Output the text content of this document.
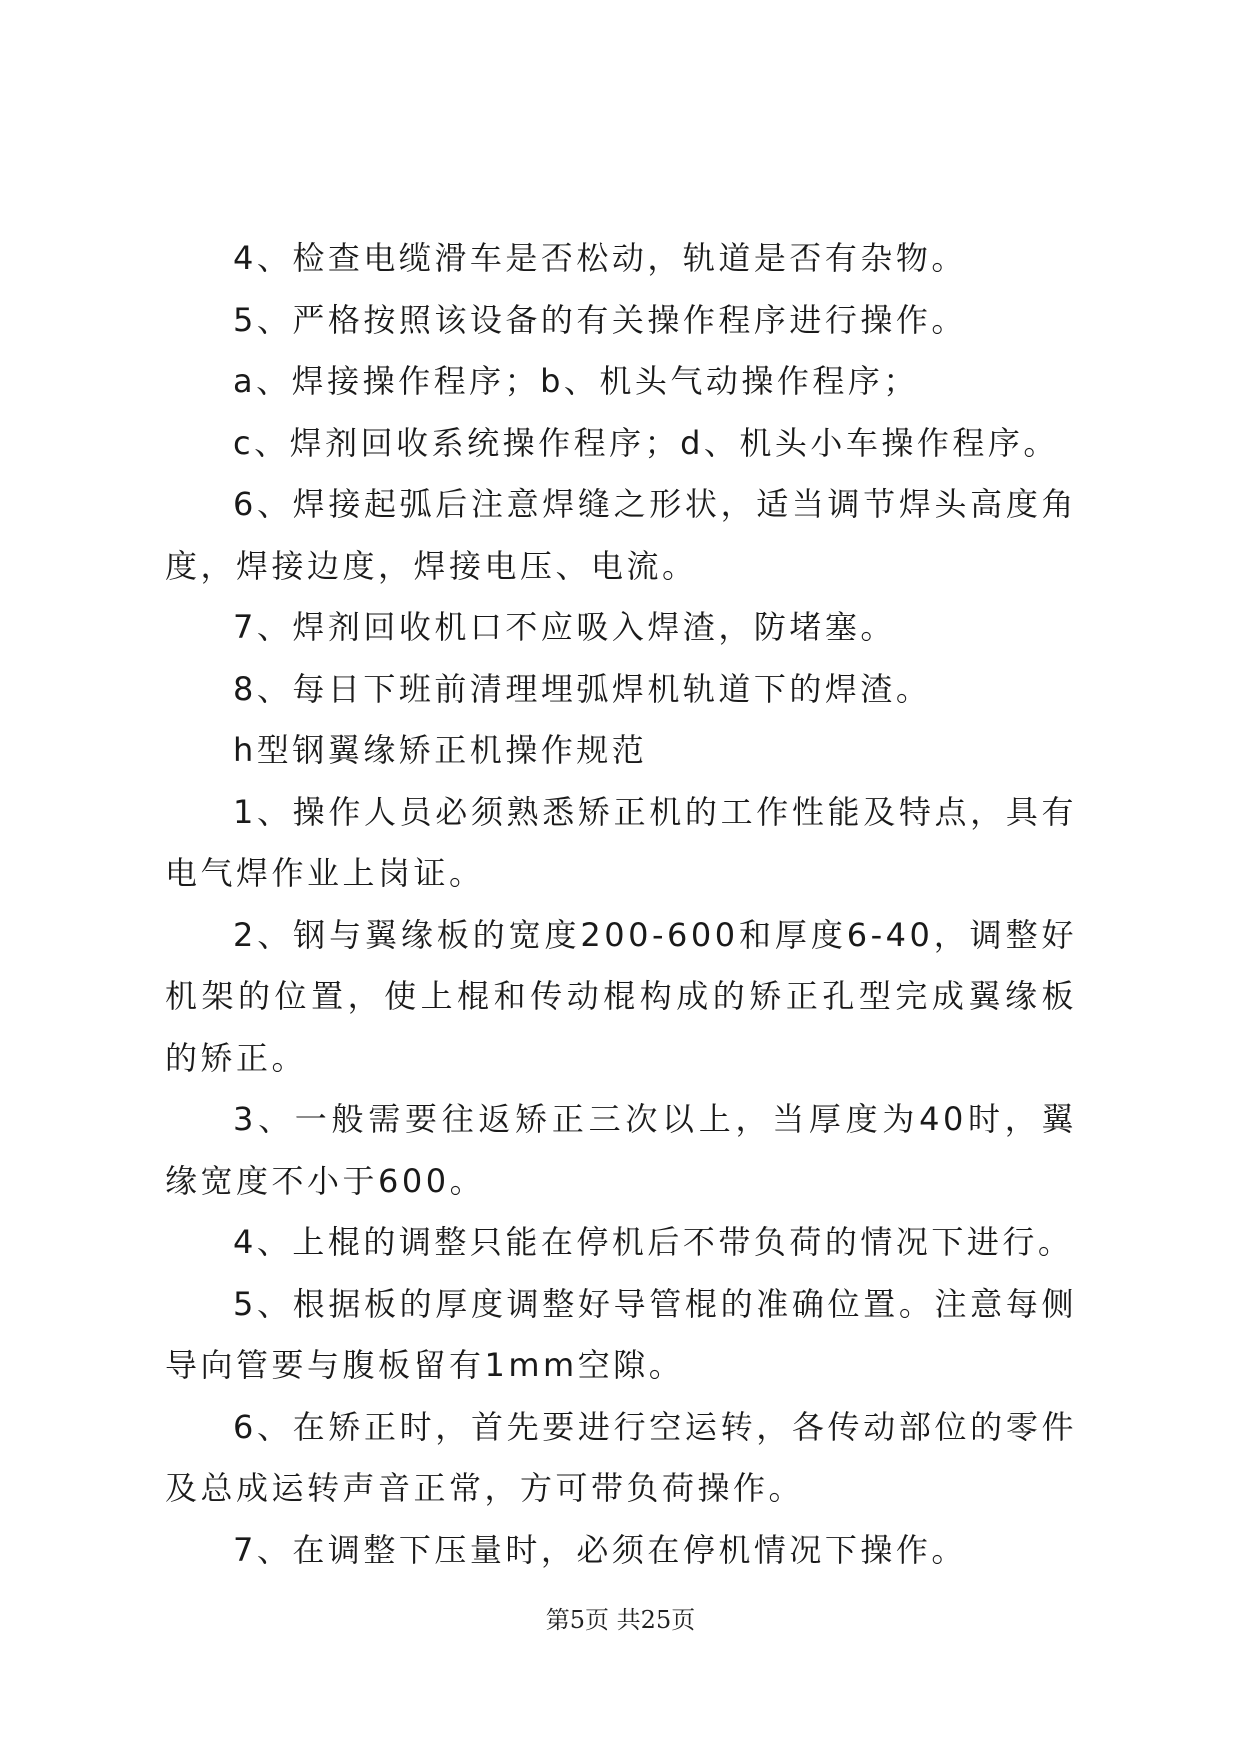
4、检查电缆滑车是否松动，轨道是否有杂物。

5、严格按照该设备的有关操作程序进行操作。

a、焊接操作程序；b、机头气动操作程序；

c、焊剂回收系统操作程序；d、机头小车操作程序。

6、焊接起弧后注意焊缝之形状，适当调节焊头高度角度，焊接边度，焊接电压、电流。

7、焊剂回收机口不应吸入焊渣，防堵塞。

8、每日下班前清理埋弧焊机轨道下的焊渣。

h型钢翼缘矫正机操作规范

1、操作人员必须熟悉矫正机的工作性能及特点，具有电气焊作业上岗证。

2、钢与翼缘板的宽度200-600和厚度6-40，调整好机架的位置，使上棍和传动棍构成的矫正孔型完成翼缘板的矫正。

3、一般需要往返矫正三次以上，当厚度为40时，翼缘宽度不小于600。

4、上棍的调整只能在停机后不带负荷的情况下进行。

5、根据板的厚度调整好导管棍的准确位置。注意每侧导向管要与腹板留有1mm空隙。

6、在矫正时，首先要进行空运转，各传动部位的零件及总成运转声音正常，方可带负荷操作。

7、在调整下压量时，必须在停机情况下操作。

第5页 共25页
